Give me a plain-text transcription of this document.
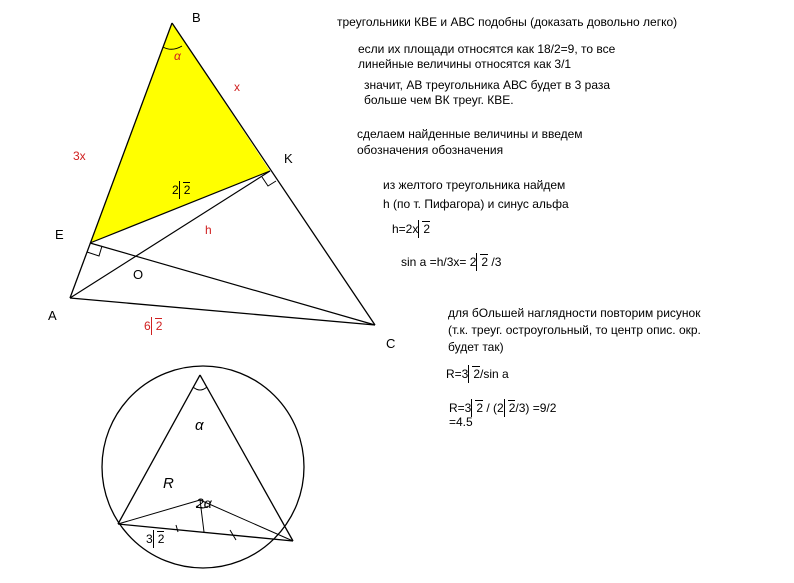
B
K
E
A
O
C
α
x
3x
2 2
h
6 2
α
R
2α
3 2
треугольники КВЕ и АВС подобны (доказать довольно легко)
если их площади относятся как 18/2=9, то все
линейные величины относятся как 3/1
значит, АВ треугольника АВС будет в 3 раза
больше чем ВК треуг. КВЕ.
сделаем найденные величины и введем
обозначения обозначения
из желтого треугольника найдем
h (по т. Пифагора) и синус альфа
h=2x 2
sin a =h/3x= 2 2 /3
для бОльшей наглядности повторим рисунок
(т.к. треуг. остроугольный, то центр опис. окр.
будет так)
R=3 2/sin a
R=3 2 / (2 2/3) =9/2
=4.5
